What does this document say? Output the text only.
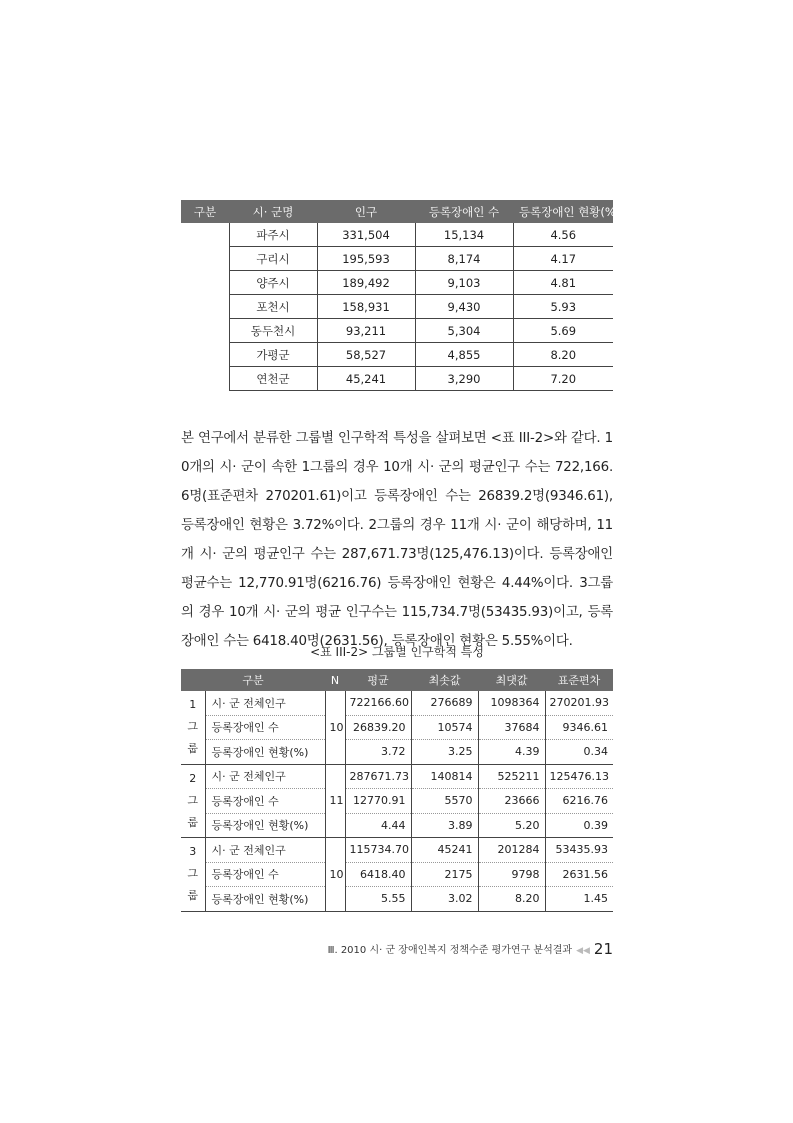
구분	시· 군명	인구	등록장애인 수	등록장애인 현황(%)
	파주시	331,504	15,134	4.56
	구리시	195,593	8,174	4.17
	양주시	189,492	9,103	4.81
	포천시	158,931	9,430	5.93
	동두천시	93,211	5,304	5.69
	가평군	58,527	4,855	8.20
	연천군	45,241	3,290	7.20

본 연구에서 분류한 그룹별 인구학적 특성을 살펴보면 <표 III-2>와 같다. 10개의 시· 군이 속한 1그룹의 경우 10개 시· 군의 평균인구 수는 722,166.6명(표준편차 270201.61)이고 등록장애인 수는 26839.2명(9346.61), 등록장애인 현황은 3.72%이다. 2그룹의 경우 11개 시· 군이 해당하며, 11개 시· 군의 평균인구 수는 287,671.73명(125,476.13)이다. 등록장애인 평균수는 12,770.91명(6216.76) 등록장애인 현황은 4.44%이다. 3그룹의 경우 10개 시· 군의 평균 인구수는 115,734.7명(53435.93)이고, 등록장애인 수는 6418.40명(2631.56), 등록장애인 현황은 5.55%이다.

<표 III-2> 그룹별 인구학적 특성
구분		N	평균	최솟값	최댓값	표준편차
1
그
룹	시· 군 전체인구	10	722166.60	276689	1098364	270201.93
	등록장애인 수		26839.20	10574	37684	9346.61
	등록장애인 현황(%)		3.72	3.25	4.39	0.34
2
그
룹	시· 군 전체인구	11	287671.73	140814	525211	125476.13
	등록장애인 수		12770.91	5570	23666	6216.76
	등록장애인 현황(%)		4.44	3.89	5.20	0.39
3
그
룹	시· 군 전체인구	10	115734.70	45241	201284	53435.93
	등록장애인 수		6418.40	2175	9798	2631.56
	등록장애인 현황(%)		5.55	3.02	8.20	1.45
Ⅲ. 2010 시· 군 장애인복지 정책수준 평가연구 분석결과 ◀◀ 21
